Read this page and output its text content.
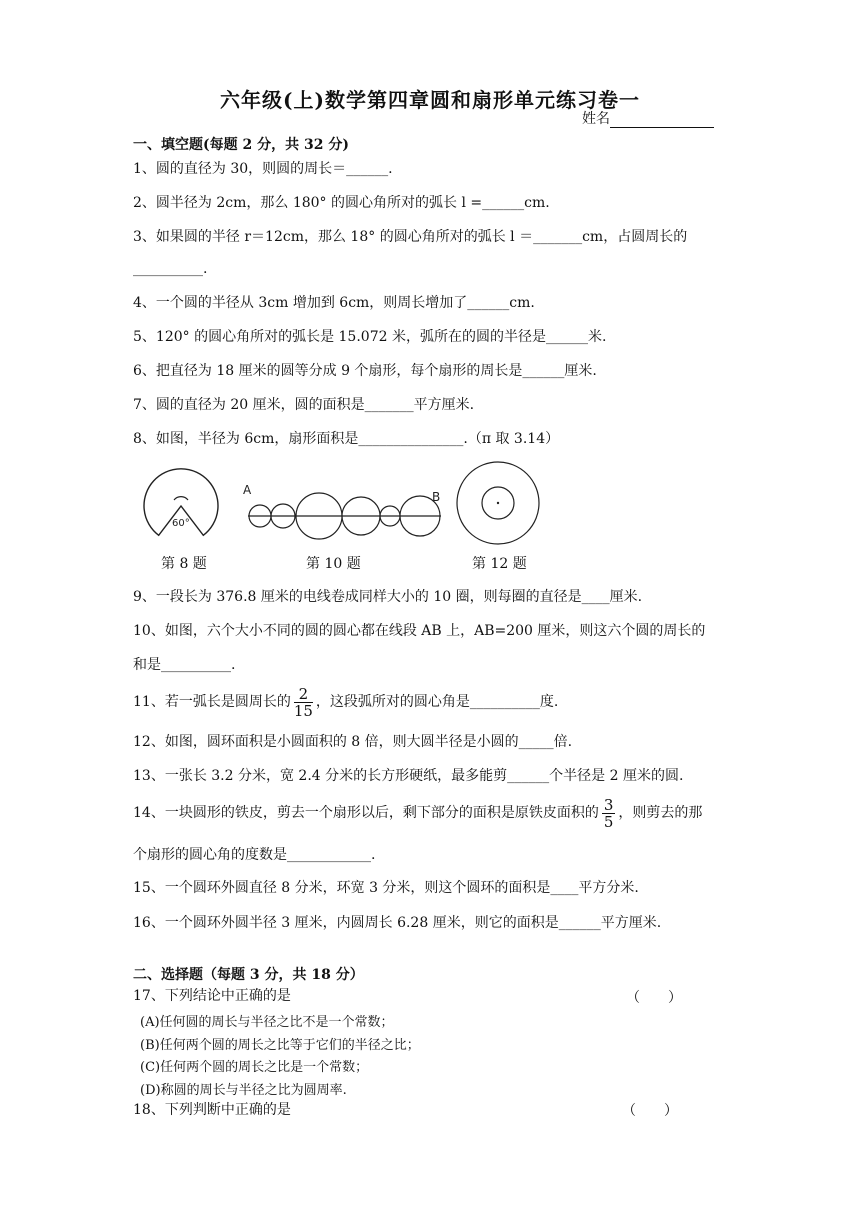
六年级(上)数学第四章圆和扇形单元练习卷一
姓名
一、填空题(每题 2 分，共 32 分)
1、圆的直径为 30，则圆的周长＝______.
2、圆半径为 2cm，那么 180° 的圆心角所对的弧长 l =______cm.
3、如果圆的半径 r＝12cm，那么 18° 的圆心角所对的弧长 l ＝_______cm，占圆周长的
__________.
4、一个圆的半径从 3cm 增加到 6cm，则周长增加了______cm.
5、120° 的圆心角所对的弧长是 15.072 米，弧所在的圆的半径是______米.
6、把直径为 18 厘米的圆等分成 9 个扇形，每个扇形的周长是______厘米.
7、圆的直径为 20 厘米，圆的面积是_______平方厘米.
8、如图，半径为 6cm，扇形面积是_______________.（π 取 3.14）
60°
A	B
第 8 题	第 10 题	第 12 题
9、一段长为 376.8 厘米的电线卷成同样大小的 10 圈，则每圈的直径是____厘米.
10、如图，六个大小不同的圆的圆心都在线段 AB 上，AB=200 厘米，则这六个圆的周长的
和是__________.
11、若一弧长是圆周长的 $\frac{2}{15}$ ，这段弧所对的圆心角是__________度.
12、如图，圆环面积是小圆面积的 8 倍，则大圆半径是小圆的_____倍.
13、一张长 3.2 分米，宽 2.4 分米的长方形硬纸，最多能剪______个半径是 2 厘米的圆.
14、一块圆形的铁皮，剪去一个扇形以后，剩下部分的面积是原铁皮面积的 $\frac{3}{5}$ ，则剪去的那
个扇形的圆心角的度数是____________.
15、一个圆环外圆直径 8 分米，环宽 3 分米，则这个圆环的面积是____平方分米.
16、一个圆环外圆半径 3 厘米，内圆周长 6.28 厘米，则它的面积是______平方厘米.
二、选择题（每题 3 分，共 18 分）
17、下列结论中正确的是	（　　）
(A)任何圆的周长与半径之比不是一个常数；
(B)任何两个圆的周长之比等于它们的半径之比；
(C)任何两个圆的周长之比是一个常数；
(D)称圆的周长与半径之比为圆周率.
18、下列判断中正确的是	（　　）
